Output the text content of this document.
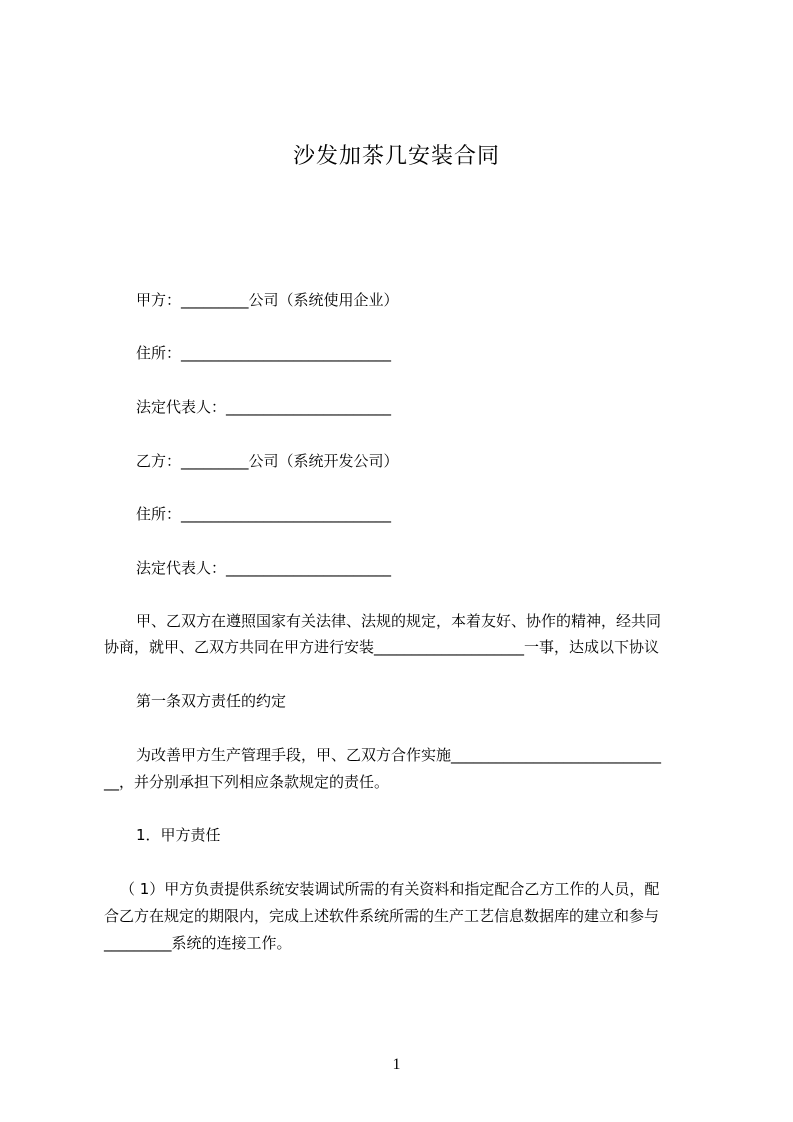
沙发加茶几安装合同
甲方：_________公司（系统使用企业）
住所：____________________________
法定代表人：______________________
乙方：_________公司（系统开发公司）
住所：____________________________
法定代表人：______________________
甲、乙双方在遵照国家有关法律、法规的规定，本着友好、协作的精神，经共同
协商，就甲、乙双方共同在甲方进行安装____________________一事，达成以下协议
第一条双方责任的约定
为改善甲方生产管理手段，甲、乙双方合作实施____________________________
__，并分别承担下列相应条款规定的责任。
1．甲方责任
（ 1）甲方负责提供系统安装调试所需的有关资料和指定配合乙方工作的人员，配
合乙方在规定的期限内，完成上述软件系统所需的生产工艺信息数据库的建立和参与
_________系统的连接工作。
1
